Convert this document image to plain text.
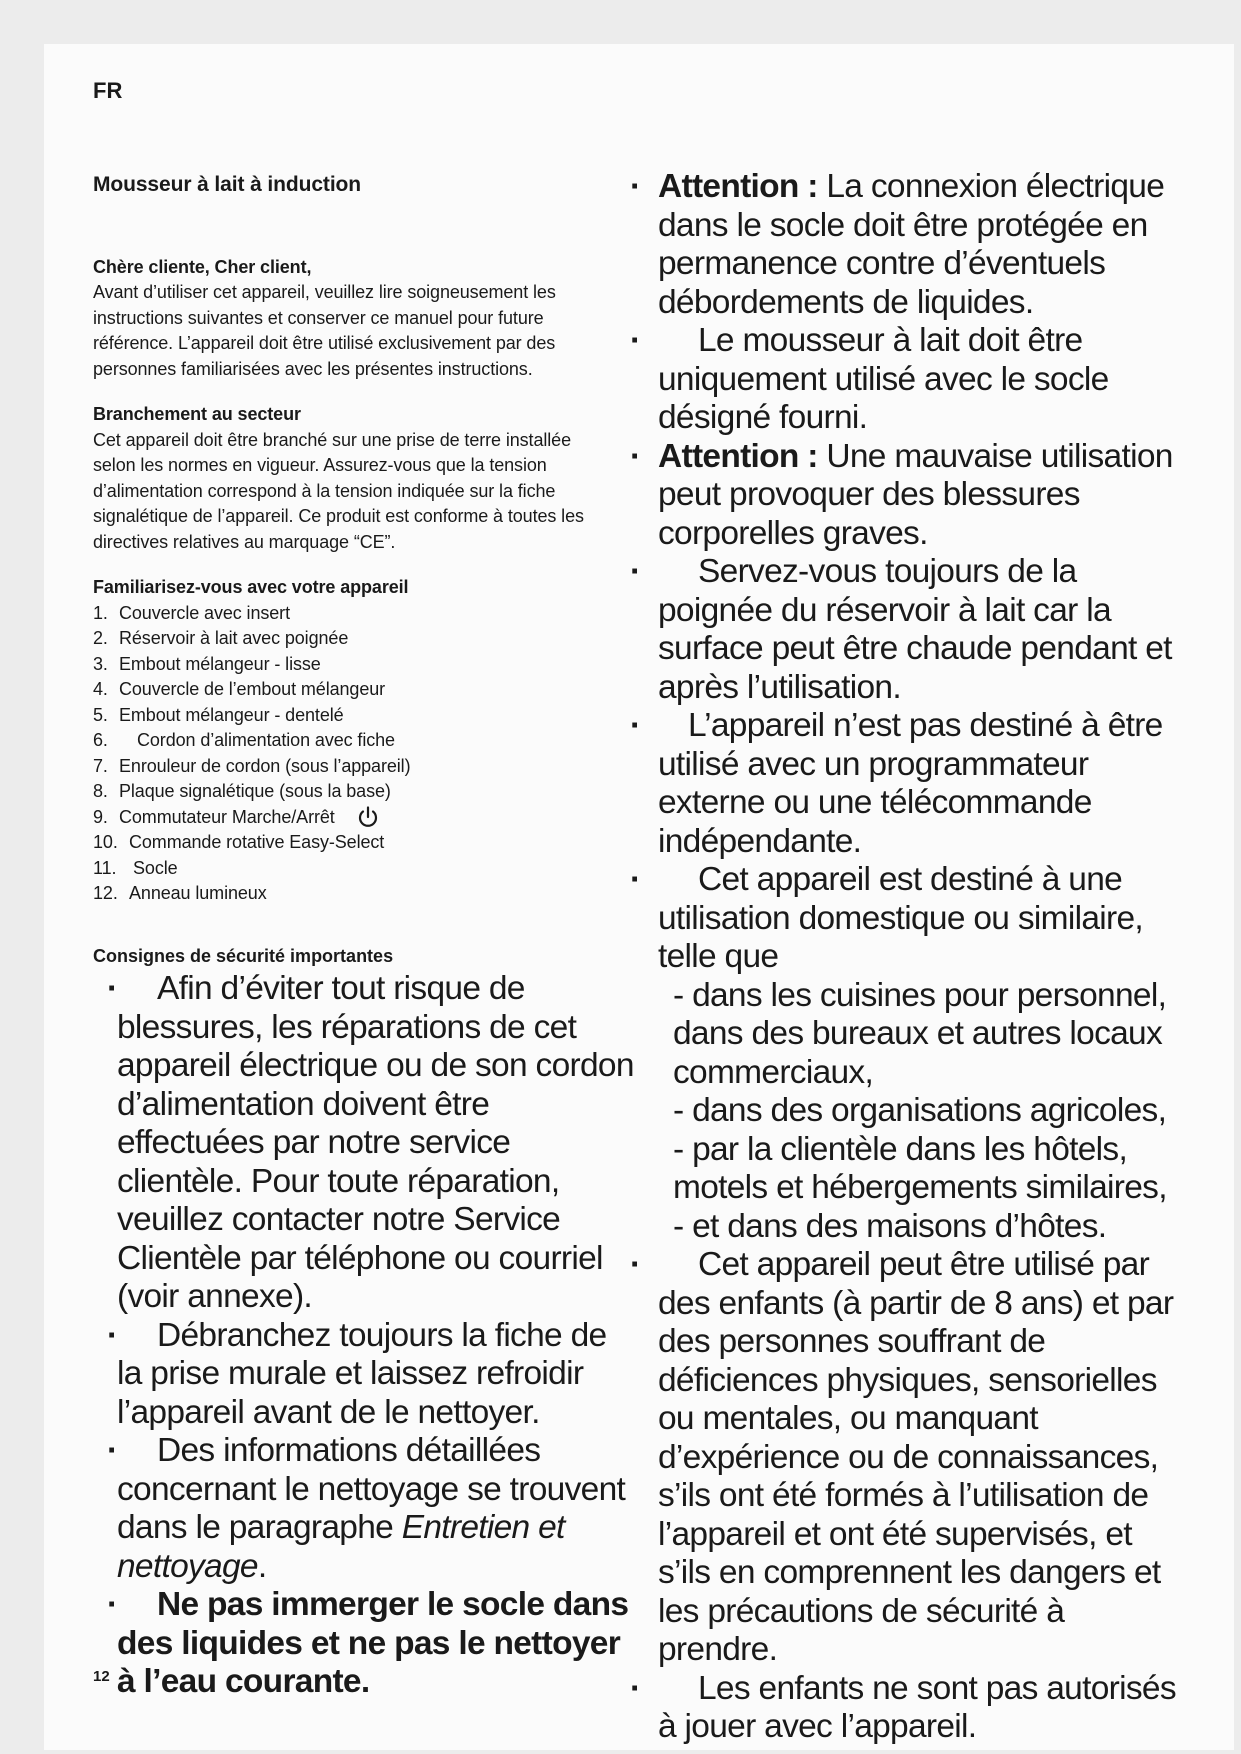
FR
Mousseur à lait à induction

Chère cliente, Cher client,

Avant d’utiliser cet appareil, veuillez lire soigneusement les instructions suivantes et conserver ce manuel pour future référence. L’appareil doit être utilisé exclusivement par des personnes familiarisées avec les présentes instructions.

Branchement au secteur

Cet appareil doit être branché sur une prise de terre installée selon les normes en vigueur. Assurez-vous que la tension d’alimentation correspond à la tension indiquée sur la fiche signalétique de l’appareil. Ce produit est conforme à toutes les directives relatives au marquage “CE”.

Familiarisez-vous avec votre appareil

1. Couvercle avec insert
2. Réservoir à lait avec poignée
3. Embout mélangeur - lisse
4. Couvercle de l’embout mélangeur
5. Embout mélangeur - dentelé
6. Cordon d’alimentation avec fiche
7. Enrouleur de cordon (sous l’appareil)
8. Plaque signalétique (sous la base)
9. Commutateur Marche/Arrêt
10. Commande rotative Easy-Select
11. Socle
12. Anneau lumineux
Consignes de sécurité importantes
·	Afin d’éviter tout risque de blessures, les réparations de cet appareil électrique ou de son cordon d’alimentation doivent être effectuées par notre service clientèle. Pour toute réparation, veuillez contacter notre Service Clientèle par téléphone ou courriel (voir annexe).
·	Débranchez toujours la fiche de la prise murale et laissez refroidir l’appareil avant de le nettoyer.
·	Des informations détaillées concernant le nettoyage se trouvent dans le paragraphe Entretien et nettoyage.
·	Ne pas immerger le socle dans des liquides et ne pas le nettoyer à l’eau courante.
· Attention : La connexion électrique dans le socle doit être protégée en permanence contre d’éventuels débordements de liquides.
·	Le mousseur à lait doit être uniquement utilisé avec le socle désigné fourni.
· Attention : Une mauvaise utilisation peut provoquer des blessures corporelles graves.
·	Servez-vous toujours de la poignée du réservoir à lait car la surface peut être chaude pendant et après l’utilisation.
·	L’appareil n’est pas destiné à être utilisé avec un programmateur externe ou une télécommande indépendante.
·	Cet appareil est destiné à une utilisation domestique ou similaire, telle que
- dans les cuisines pour personnel, dans des bureaux et autres locaux commerciaux,
- dans des organisations agricoles,
- par la clientèle dans les hôtels, motels et hébergements similaires,
- et dans des maisons d’hôtes.
·	Cet appareil peut être utilisé par des enfants (à partir de 8 ans) et par des personnes souffrant de déficiences physiques, sensorielles ou mentales, ou manquant d’expérience ou de connaissances, s’ils ont été formés à l’utilisation de l’appareil et ont été supervisés, et s’ils en comprennent les dangers et les précautions de sécurité à prendre.
·	Les enfants ne sont pas autorisés à jouer avec l’appareil.
12
